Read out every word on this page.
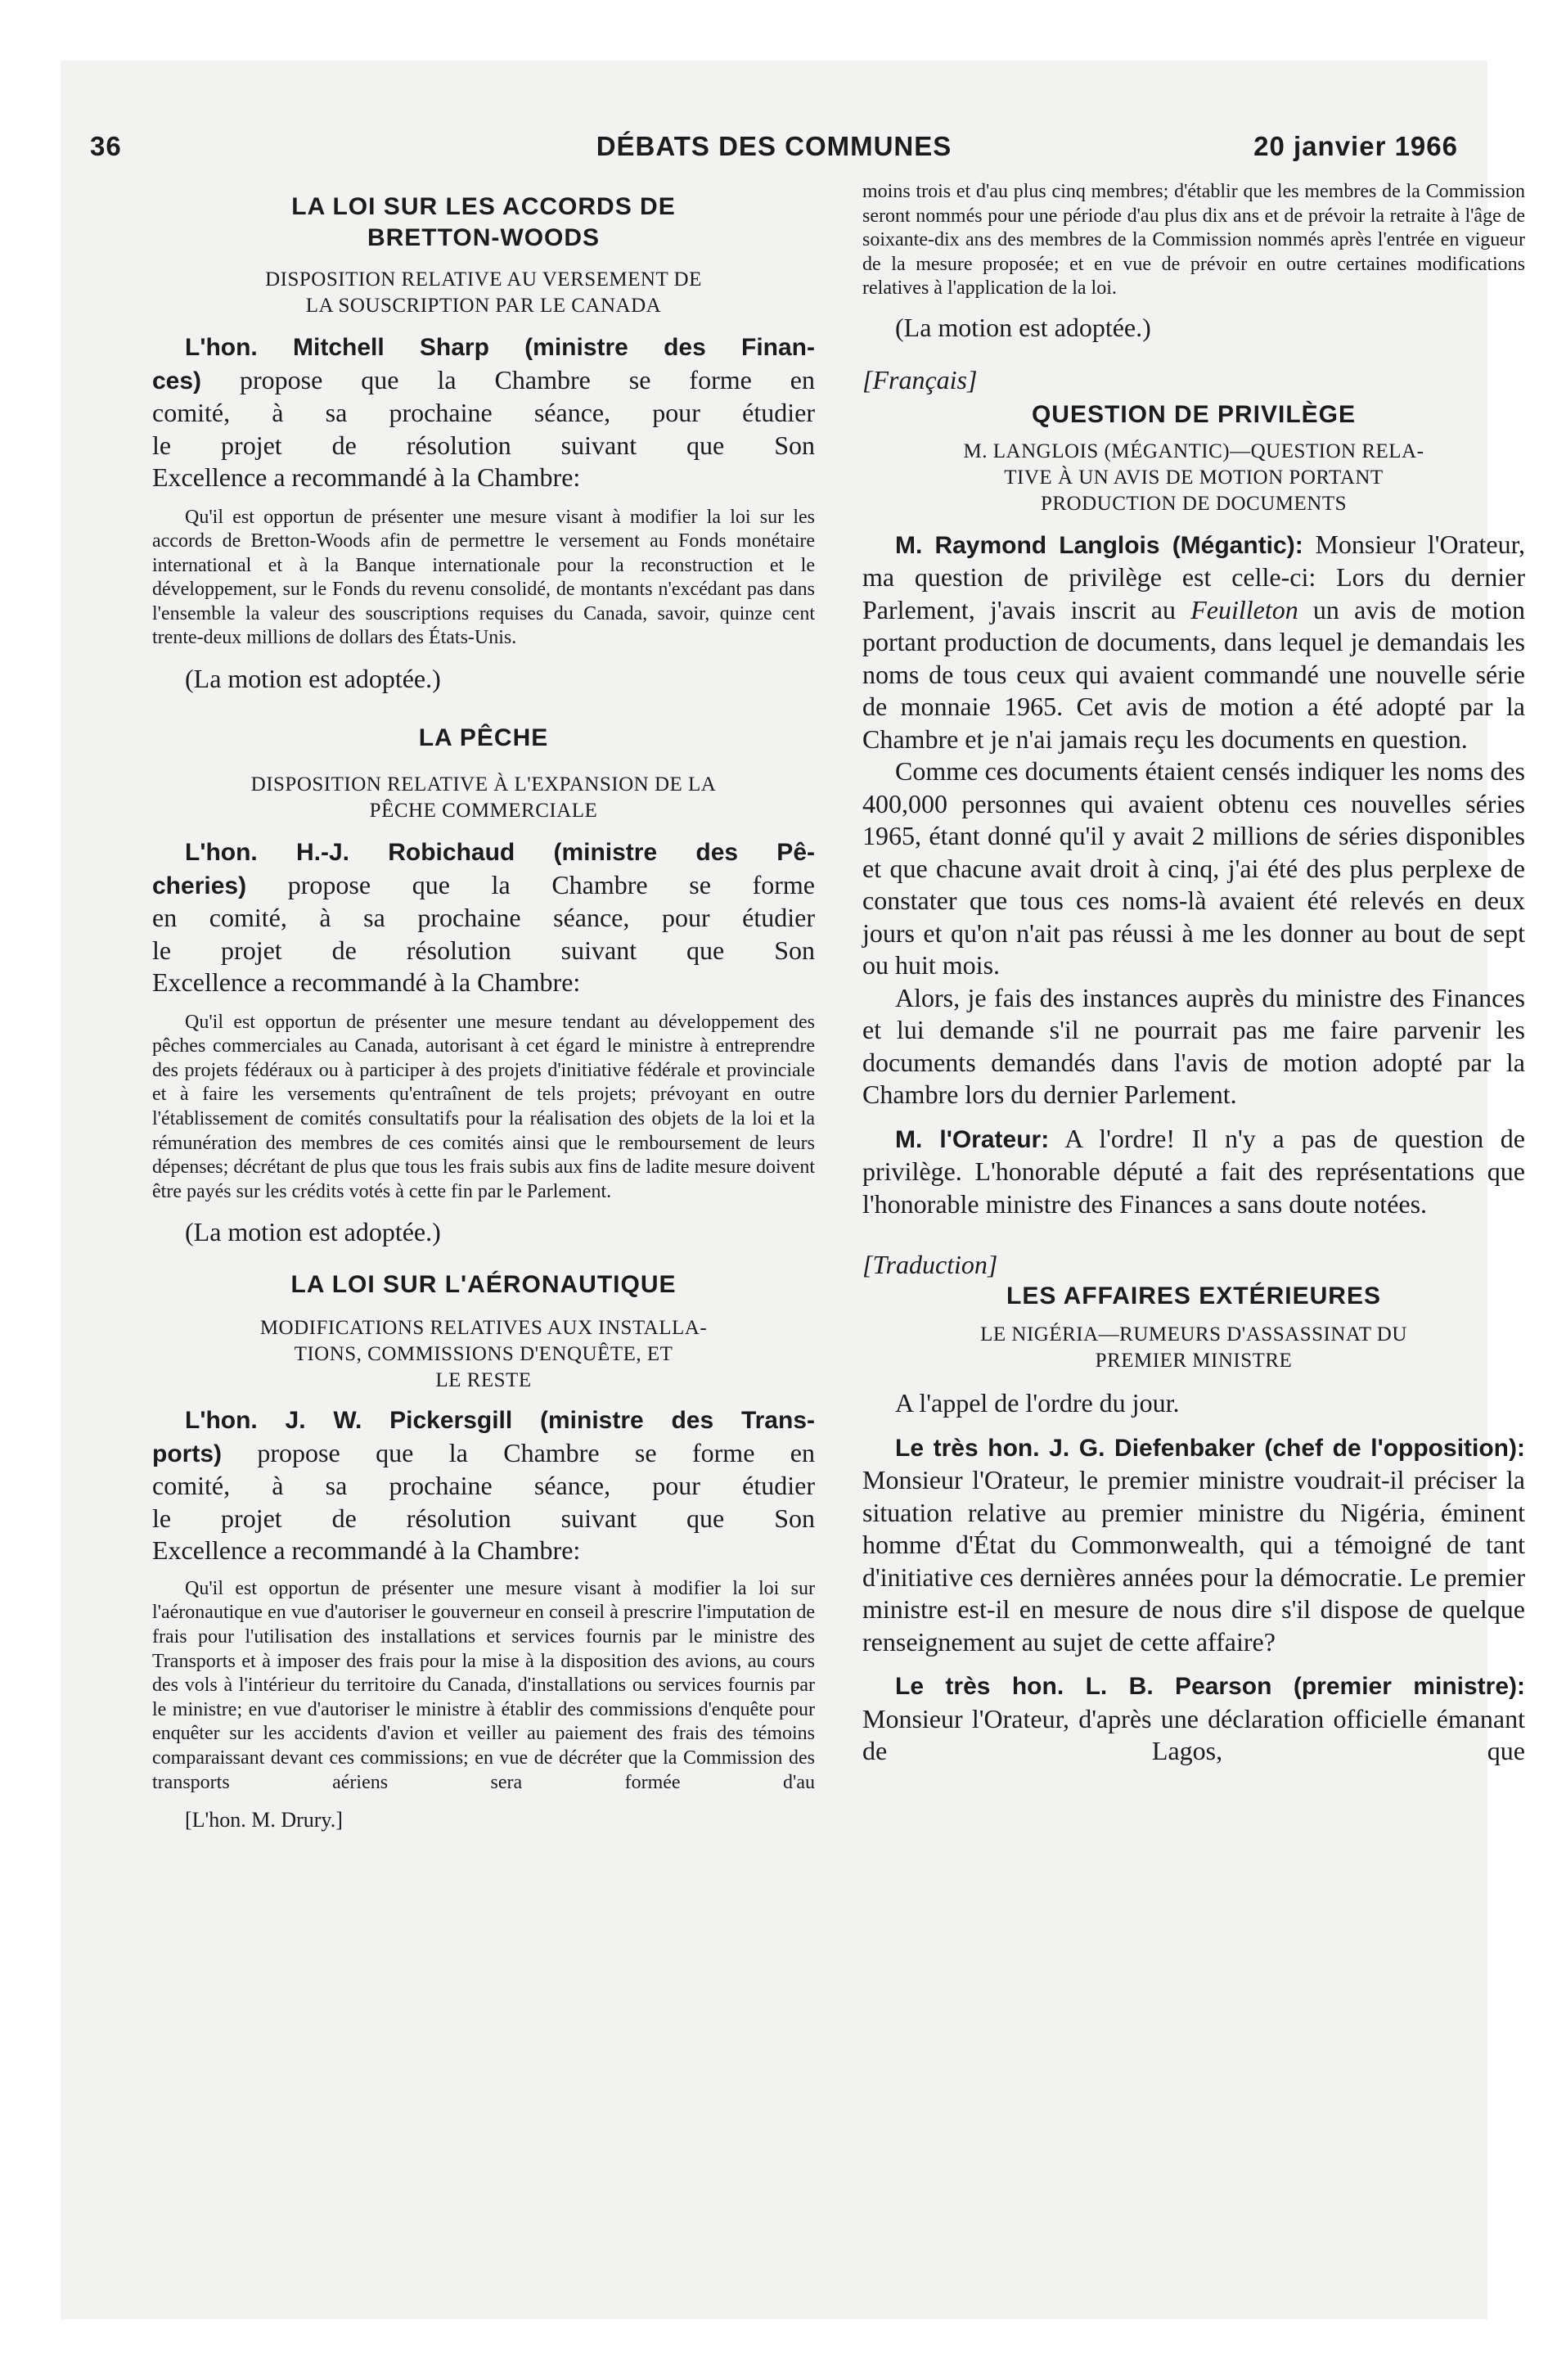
36	DÉBATS DES COMMUNES	20 janvier 1966
LA LOI SUR LES ACCORDS DE
BRETTON-WOODS
DISPOSITION RELATIVE AU VERSEMENT DE
LA SOUSCRIPTION PAR LE CANADA
L'hon. Mitchell Sharp (ministre des Finan-
ces) propose que la Chambre se forme en
comité, à sa prochaine séance, pour étudier
le projet de résolution suivant que Son
Excellence a recommandé à la Chambre:

Qu'il est opportun de présenter une mesure visant à modifier la loi sur les accords de Bretton-Woods afin de permettre le versement au Fonds monétaire international et à la Banque internationale pour la reconstruction et le développement, sur le Fonds du revenu consolidé, de montants n'excédant pas dans l'ensemble la valeur des souscriptions requises du Canada, savoir, quinze cent trente-deux millions de dollars des États-Unis.

(La motion est adoptée.)

LA PÊCHE
DISPOSITION RELATIVE À L'EXPANSION DE LA
PÊCHE COMMERCIALE
L'hon. H.-J. Robichaud (ministre des Pê-
cheries) propose que la Chambre se forme
en comité, à sa prochaine séance, pour étudier
le projet de résolution suivant que Son
Excellence a recommandé à la Chambre:

Qu'il est opportun de présenter une mesure tendant au développement des pêches commerciales au Canada, autorisant à cet égard le ministre à entreprendre des projets fédéraux ou à participer à des projets d'initiative fédérale et provinciale et à faire les versements qu'entraînent de tels projets; prévoyant en outre l'établissement de comités consultatifs pour la réalisation des objets de la loi et la rémunération des membres de ces comités ainsi que le remboursement de leurs dépenses; décrétant de plus que tous les frais subis aux fins de ladite mesure doivent être payés sur les crédits votés à cette fin par le Parlement.

(La motion est adoptée.)

LA LOI SUR L'AÉRONAUTIQUE
MODIFICATIONS RELATIVES AUX INSTALLA-
TIONS, COMMISSIONS D'ENQUÊTE, ET
LE RESTE
L'hon. J. W. Pickersgill (ministre des Trans-
ports) propose que la Chambre se forme en
comité, à sa prochaine séance, pour étudier
le projet de résolution suivant que Son
Excellence a recommandé à la Chambre:

Qu'il est opportun de présenter une mesure visant à modifier la loi sur l'aéronautique en vue d'autoriser le gouverneur en conseil à prescrire l'imputation de frais pour l'utilisation des installations et services fournis par le ministre des Transports et à imposer des frais pour la mise à la disposition des avions, au cours des vols à l'intérieur du territoire du Canada, d'installations ou services fournis par le ministre; en vue d'autoriser le ministre à établir des commissions d'enquête pour enquêter sur les accidents d'avion et veiller au paiement des frais des témoins comparaissant devant ces commissions; en vue de décréter que la Commission des transports aériens sera formée d'au

[L'hon. M. Drury.]

moins trois et d'au plus cinq membres; d'établir que les membres de la Commission seront nommés pour une période d'au plus dix ans et de prévoir la retraite à l'âge de soixante-dix ans des membres de la Commission nommés après l'entrée en vigueur de la mesure proposée; et en vue de prévoir en outre certaines modifications relatives à l'application de la loi.

(La motion est adoptée.)

[Français]

QUESTION DE PRIVILÈGE
M. LANGLOIS (MÉGANTIC)—QUESTION RELA-
TIVE À UN AVIS DE MOTION PORTANT
PRODUCTION DE DOCUMENTS

M. Raymond Langlois (Mégantic): Monsieur l'Orateur, ma question de privilège est celle-ci: Lors du dernier Parlement, j'avais inscrit au Feuilleton un avis de motion portant production de documents, dans lequel je demandais les noms de tous ceux qui avaient commandé une nouvelle série de monnaie 1965. Cet avis de motion a été adopté par la Chambre et je n'ai jamais reçu les documents en question.

Comme ces documents étaient censés indiquer les noms des 400,000 personnes qui avaient obtenu ces nouvelles séries 1965, étant donné qu'il y avait 2 millions de séries disponibles et que chacune avait droit à cinq, j'ai été des plus perplexe de constater que tous ces noms-là avaient été relevés en deux jours et qu'on n'ait pas réussi à me les donner au bout de sept ou huit mois.

Alors, je fais des instances auprès du ministre des Finances et lui demande s'il ne pourrait pas me faire parvenir les documents demandés dans l'avis de motion adopté par la Chambre lors du dernier Parlement.

M. l'Orateur: A l'ordre! Il n'y a pas de question de privilège. L'honorable député a fait des représentations que l'honorable ministre des Finances a sans doute notées.

[Traduction]

LES AFFAIRES EXTÉRIEURES
LE NIGÉRIA—RUMEURS D'ASSASSINAT DU
PREMIER MINISTRE

A l'appel de l'ordre du jour.

Le très hon. J. G. Diefenbaker (chef de l'opposition): Monsieur l'Orateur, le premier ministre voudrait-il préciser la situation relative au premier ministre du Nigéria, éminent homme d'État du Commonwealth, qui a témoigné de tant d'initiative ces dernières années pour la démocratie. Le premier ministre est-il en mesure de nous dire s'il dispose de quelque renseignement au sujet de cette affaire?

Le très hon. L. B. Pearson (premier ministre): Monsieur l'Orateur, d'après une déclaration officielle émanant de Lagos, que
